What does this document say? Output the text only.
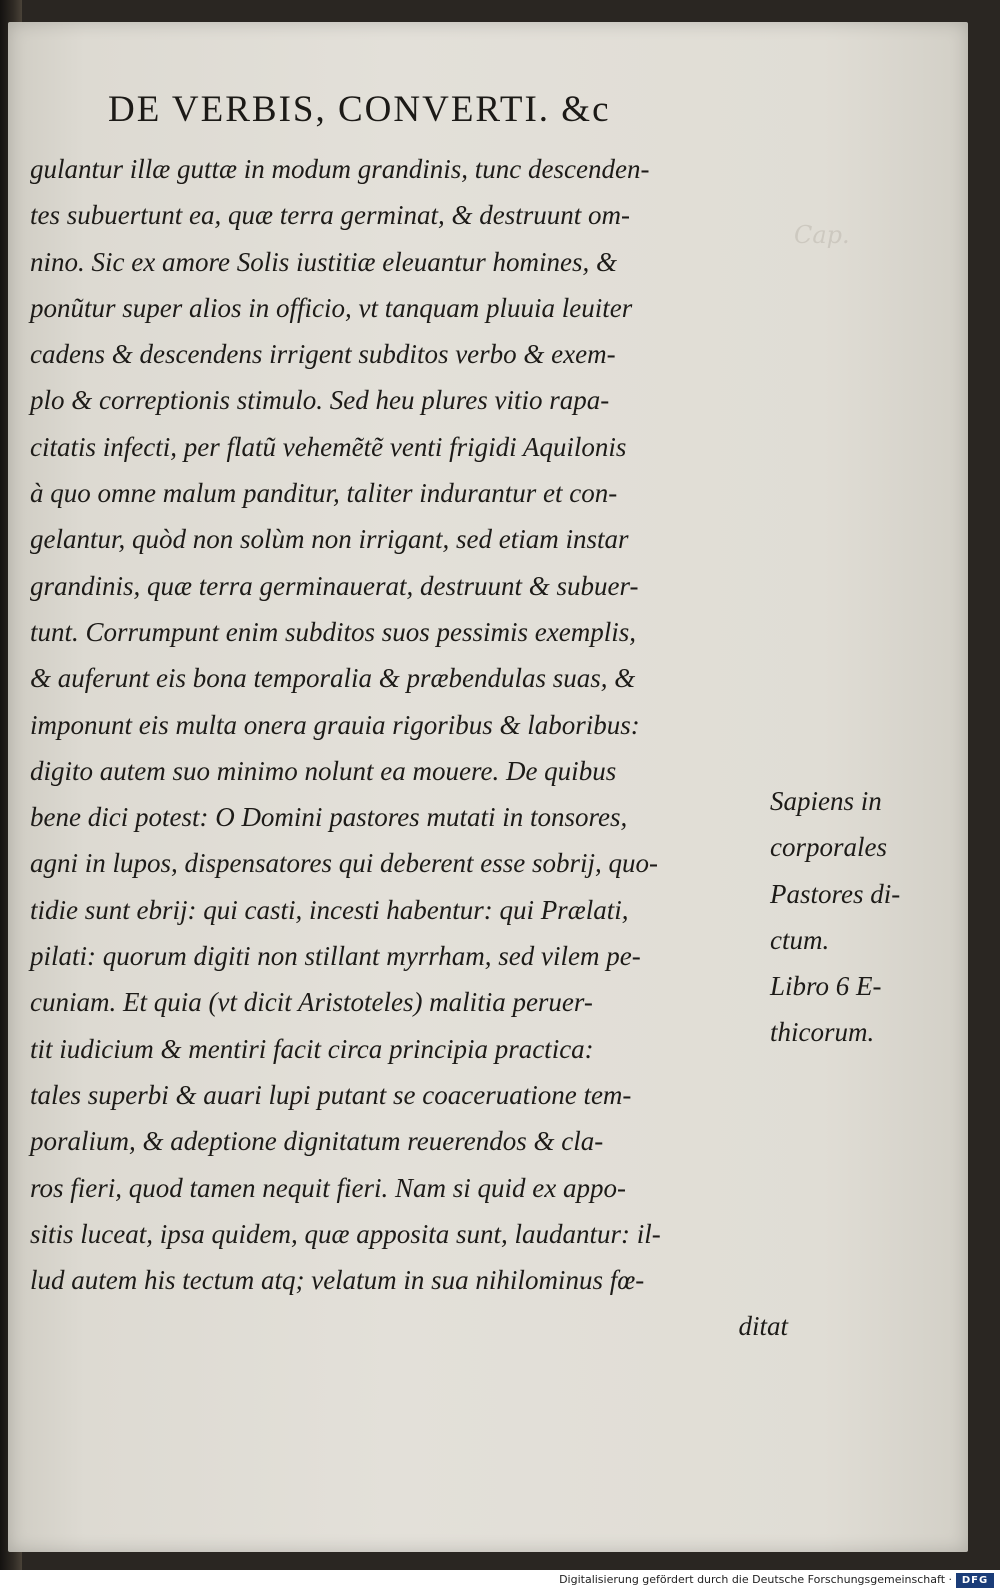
Cap.
DE VERBIS, CONVERTI. &c
gulantur illæ guttæ in modum grandinis, tunc descenden-
tes subuertunt ea, quæ terra germinat, & destruunt om-
nino. Sic ex amore Solis iustitiæ eleuantur homines, &
ponũtur super alios in officio, vt tanquam pluuia leuiter
cadens & descendens irrigent subditos verbo & exem-
plo & correptionis stimulo. Sed heu plures vitio rapa-
citatis infecti, per flatũ vehemẽtẽ venti frigidi Aquilonis
à quo omne malum panditur, taliter indurantur et con-
gelantur, quòd non solùm non irrigant, sed etiam instar
grandinis, quæ terra germinauerat, destruunt & subuer-
tunt. Corrumpunt enim subditos suos pessimis exemplis,
& auferunt eis bona temporalia & præbendulas suas, &
imponunt eis multa onera grauia rigoribus & laboribus:
digito autem suo minimo nolunt ea mouere. De quibus
bene dici potest: O Domini pastores mutati in tonsores,
agni in lupos, dispensatores qui deberent esse sobrij, quo-
tidie sunt ebrij: qui casti, incesti habentur: qui Prælati,
pilati: quorum digiti non stillant myrrham, sed vilem pe-
cuniam. Et quia (vt dicit Aristoteles) malitia peruer-
tit iudicium & mentiri facit circa principia practica:
tales superbi & auari lupi putant se coaceruatione tem-
poralium, & adeptione dignitatum reuerendos & cla-
ros fieri, quod tamen nequit fieri. Nam si quid ex appo-
sitis luceat, ipsa quidem, quæ apposita sunt, laudantur: il-
lud autem his tectum atq; velatum in sua nihilominus fœ-
ditat
Sapiens in
corporales
Pastores di-
ctum.
Libro 6 E-
thicorum.
Digitalisierung gefördert durch die Deutsche Forschungsgemeinschaft · DFG
